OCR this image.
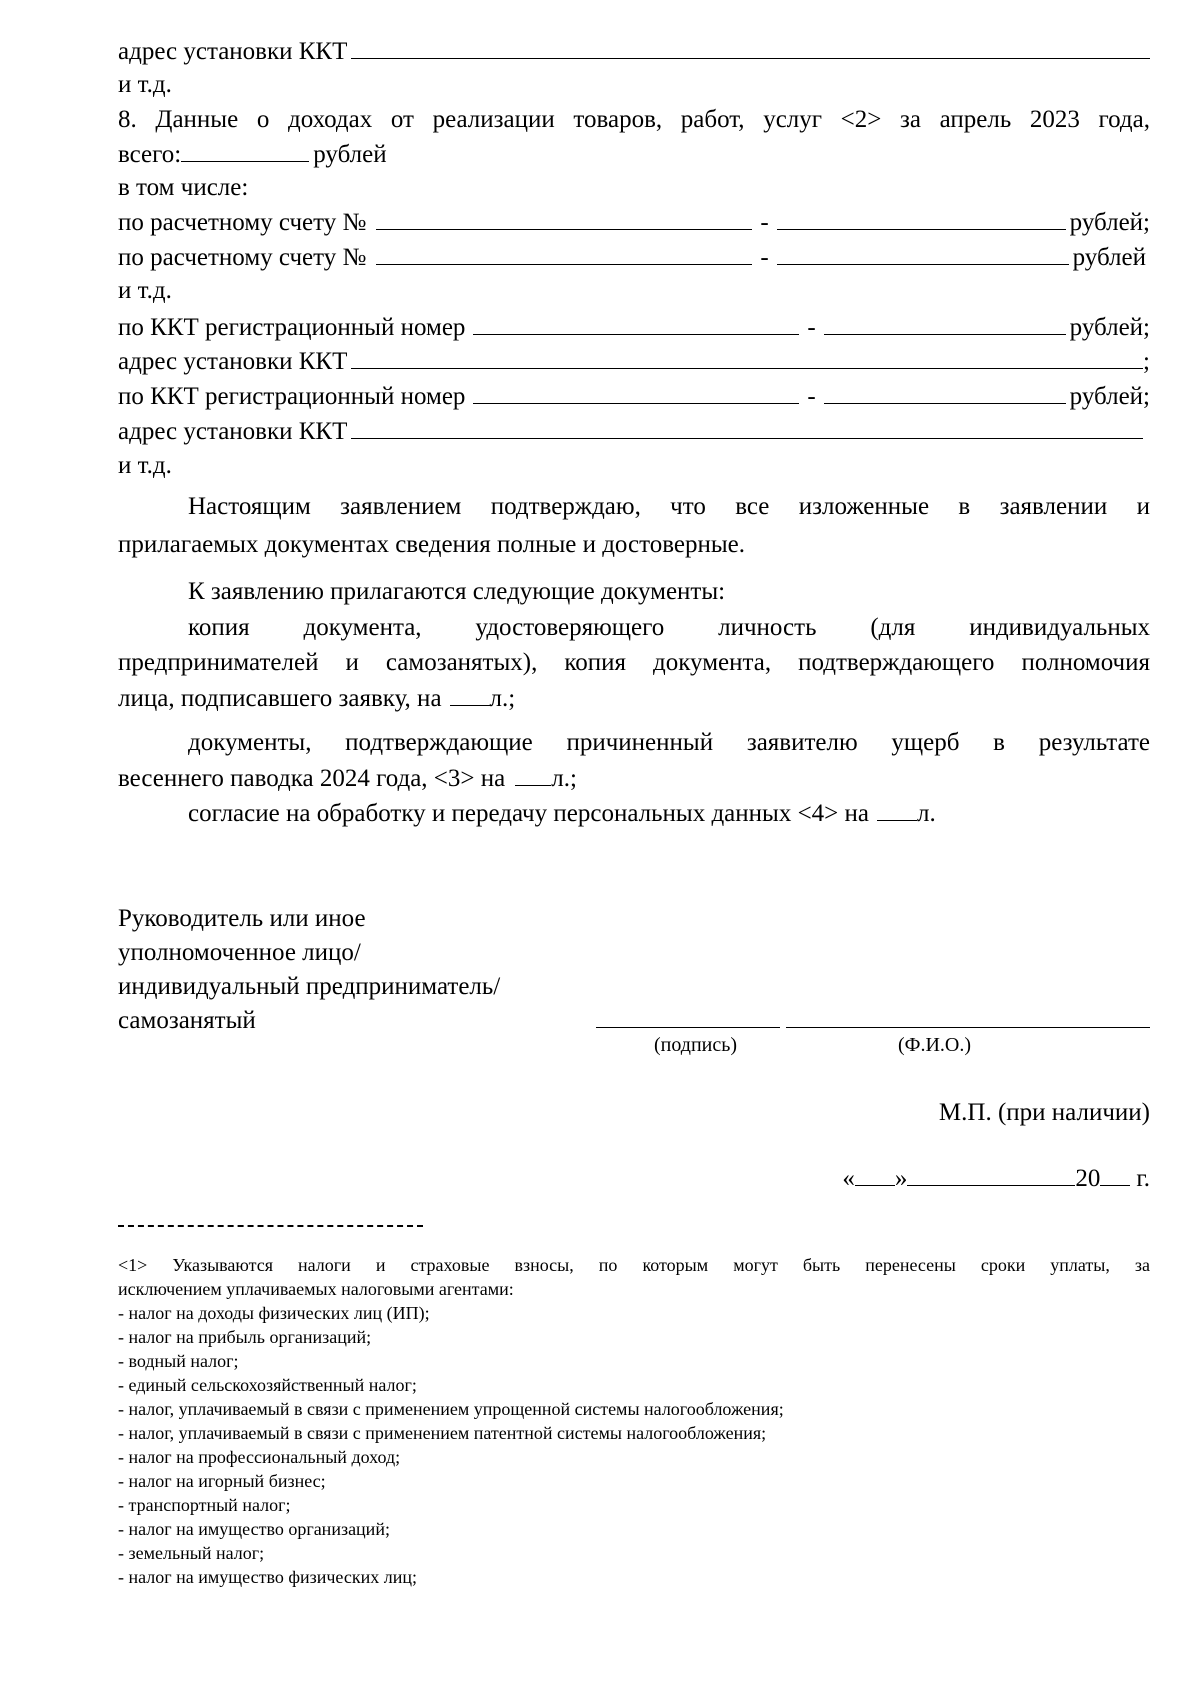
адрес установки ККТ
и т.д.
8. Данные о доходах от реализации товаров, работ, услуг <2> за апрель 2023 года,
всего:	рублей
в том числе:
по расчетному счету №	-	рублей;
по расчетному счету №	-	рублей
и т.д.
по ККТ регистрационный номер	-	рублей;
адрес установки ККТ	;
по ККТ регистрационный номер	-	рублей;
адрес установки ККТ
и т.д.
Настоящим заявлением подтверждаю, что все изложенные в заявлении и
прилагаемых документах сведения полные и достоверные.
К заявлению прилагаются следующие документы:
копия документа, удостоверяющего личность (для индивидуальных
предпринимателей и самозанятых), копия документа, подтверждающего полномочия
лица, подписавшего заявку, на л.;
документы, подтверждающие причиненный заявителю ущерб в результате
весеннего паводка 2024 года, <3> на л.;
согласие на обработку и передачу персональных данных <4> на л.
Руководитель или иное
уполномоченное лицо/
индивидуальный предприниматель/
самозанятый
(подпись)	(Ф.И.О.)
М.П. (при наличии)
« »	20 г.
<1> Указываются налоги и страховые взносы, по которым могут быть перенесены сроки уплаты, за
исключением уплачиваемых налоговыми агентами:
- налог на доходы физических лиц (ИП);
- налог на прибыль организаций;
- водный налог;
- единый сельскохозяйственный налог;
- налог, уплачиваемый в связи с применением упрощенной системы налогообложения;
- налог, уплачиваемый в связи с применением патентной системы налогообложения;
- налог на профессиональный доход;
- налог на игорный бизнес;
- транспортный налог;
- налог на имущество организаций;
- земельный налог;
- налог на имущество физических лиц;
